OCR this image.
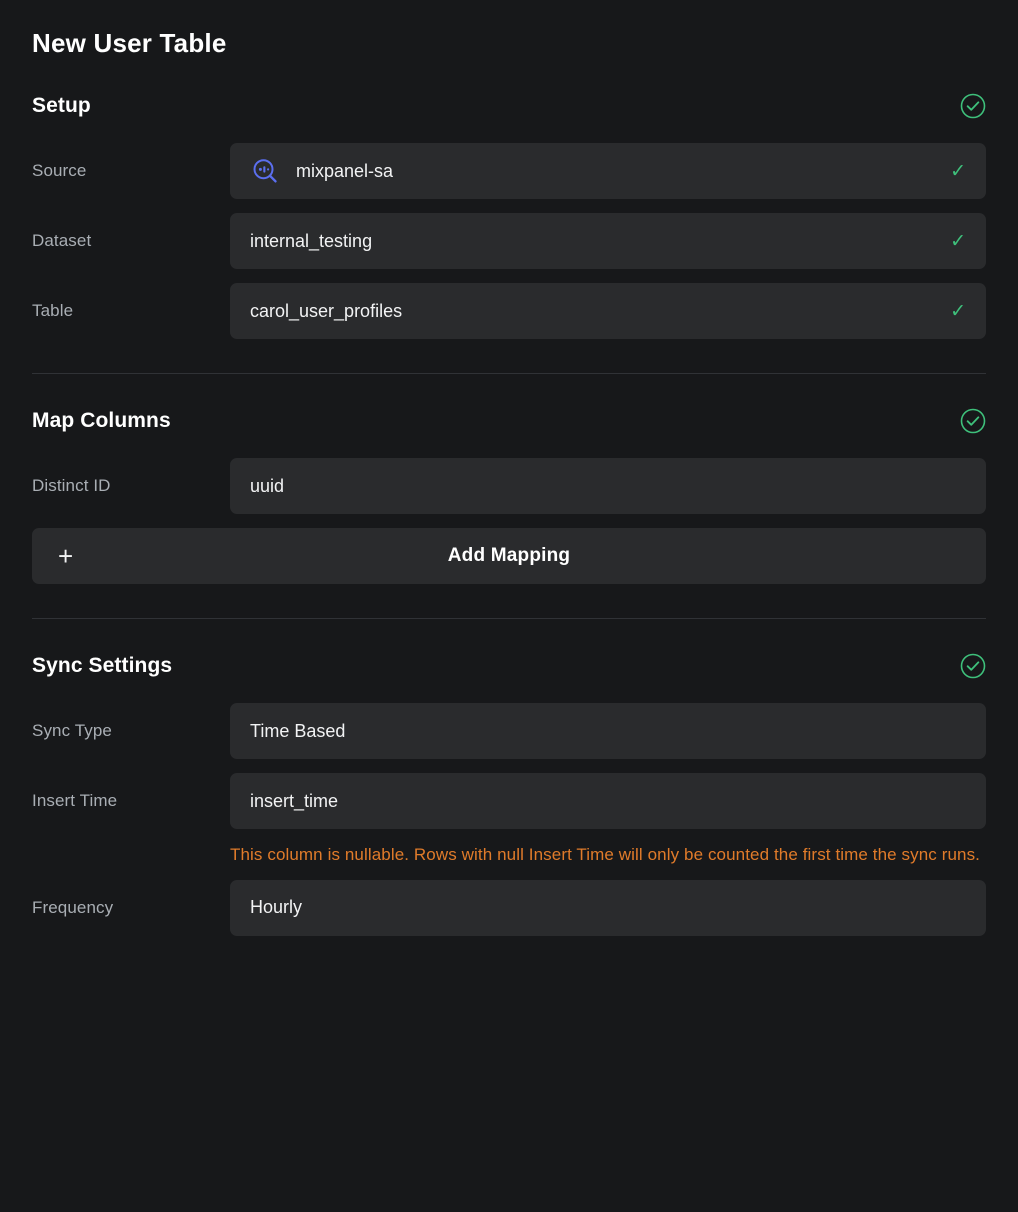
New User Table
Setup
Source	mixpanel-sa	✓
Dataset	internal_testing	✓
Table	carol_user_profiles	✓
Map Columns
Distinct ID	uuid
+	Add Mapping
Sync Settings
Sync Type	Time Based
Insert Time	insert_time
This column is nullable. Rows with null Insert Time will only be counted the first time the sync runs.
Frequency	Hourly
